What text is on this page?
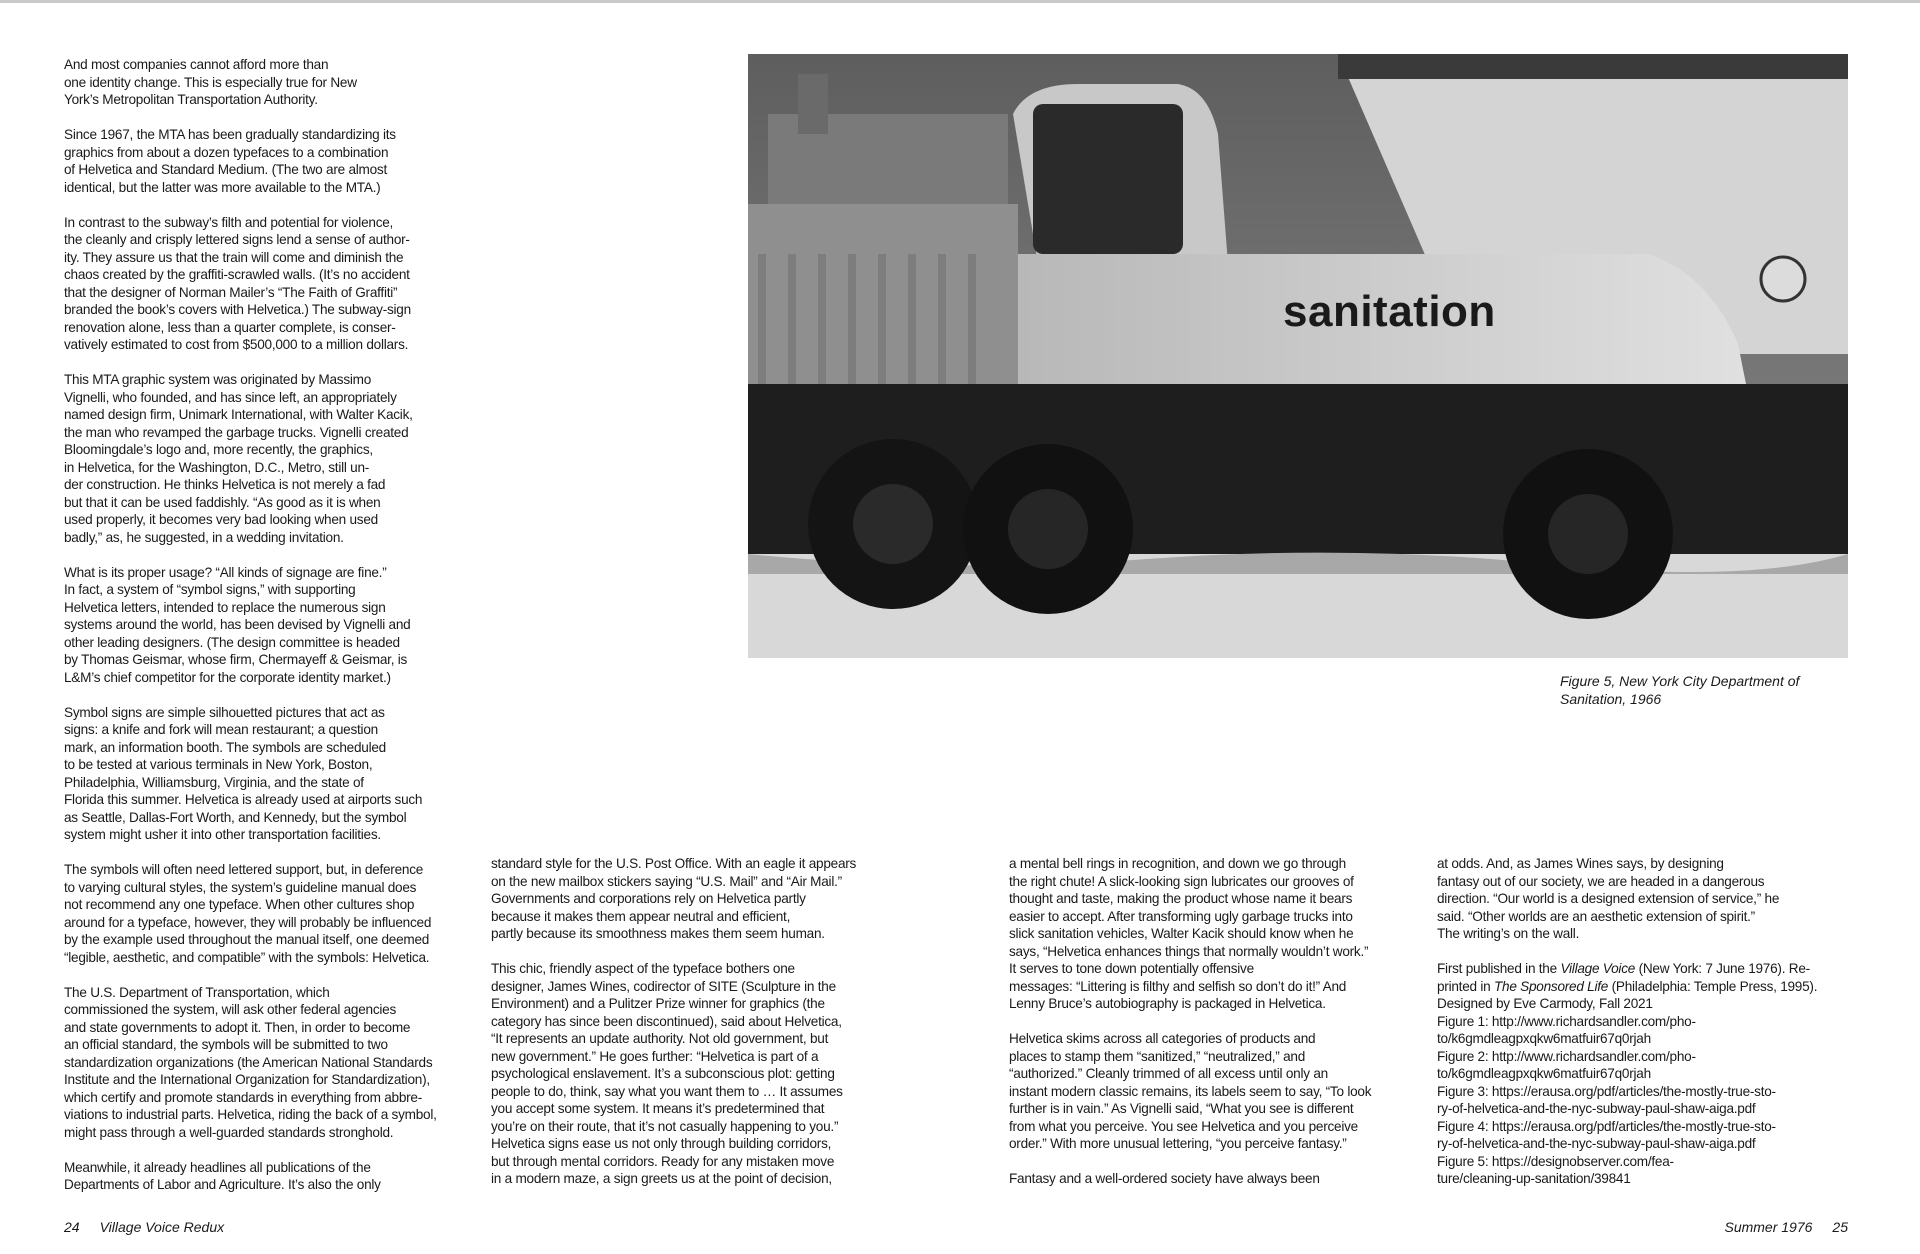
And most companies cannot afford more than
one identity change. This is especially true for New
York’s Metropolitan Transportation Authority.

Since 1967, the MTA has been gradually standardizing its
graphics from about a dozen typefaces to a combination
of Helvetica and Standard Medium. (The two are almost
identical, but the latter was more available to the MTA.)

In contrast to the subway’s filth and potential for violence,
the cleanly and crisply lettered signs lend a sense of author-
ity. They assure us that the train will come and diminish the
chaos created by the graffiti-scrawled walls. (It’s no accident
that the designer of Norman Mailer’s “The Faith of Graffiti”
branded the book’s covers with Helvetica.) The subway-sign
renovation alone, less than a quarter complete, is conser-
vatively estimated to cost from $500,000 to a million dollars.

This MTA graphic system was originated by Massimo
Vignelli, who founded, and has since left, an appropriately
named design firm, Unimark International, with Walter Kacik,
the man who revamped the garbage trucks. Vignelli created
Bloomingdale’s logo and, more recently, the graphics,
in Helvetica, for the Washington, D.C., Metro, still un-
der construction. He thinks Helvetica is not merely a fad
but that it can be used faddishly. “As good as it is when
used properly, it becomes very bad looking when used
badly,” as, he suggested, in a wedding invitation.

What is its proper usage? “All kinds of signage are fine.”
In fact, a system of “symbol signs,” with supporting
Helvetica letters, intended to replace the numerous sign
systems around the world, has been devised by Vignelli and
other leading designers. (The design committee is headed
by Thomas Geismar, whose firm, Chermayeff & Geismar, is
L&M’s chief competitor for the corporate identity market.)

Symbol signs are simple silhouetted pictures that act as
signs: a knife and fork will mean restaurant; a question
mark, an information booth. The symbols are scheduled
to be tested at various terminals in New York, Boston,
Philadelphia, Williamsburg, Virginia, and the state of
Florida this summer. Helvetica is already used at airports such
as Seattle, Dallas-Fort Worth, and Kennedy, but the symbol
system might usher it into other transportation facilities.

The symbols will often need lettered support, but, in deference
to varying cultural styles, the system’s guideline manual does
not recommend any one typeface. When other cultures shop
around for a typeface, however, they will probably be influenced
by the example used throughout the manual itself, one deemed
“legible, aesthetic, and compatible” with the symbols: Helvetica.

The U.S. Department of Transportation, which
commissioned the system, will ask other federal agencies
and state governments to adopt it. Then, in order to become
an official standard, the symbols will be submitted to two
standardization organizations (the American National Standards
Institute and the International Organization for Standardization),
which certify and promote standards in everything from abbre-
viations to industrial parts. Helvetica, riding the back of a symbol,
might pass through a well-guarded standards stronghold.

Meanwhile, it already headlines all publications of the
Departments of Labor and Agriculture. It’s also the only

sanitation
Figure 5, New York City Department of
Sanitation, 1966

standard style for the U.S. Post Office. With an eagle it appears
on the new mailbox stickers saying “U.S. Mail” and “Air Mail.”
Governments and corporations rely on Helvetica partly
because it makes them appear neutral and efficient,
partly because its smoothness makes them seem human.

This chic, friendly aspect of the typeface bothers one
designer, James Wines, codirector of SITE (Sculpture in the
Environment) and a Pulitzer Prize winner for graphics (the
category has since been discontinued), said about Helvetica,
“It represents an update authority. Not old government, but
new government.” He goes further: “Helvetica is part of a
psychological enslavement. It’s a subconscious plot: getting
people to do, think, say what you want them to … It assumes
you accept some system. It means it’s predetermined that
you’re on their route, that it’s not casually happening to you.”
Helvetica signs ease us not only through building corridors,
but through mental corridors. Ready for any mistaken move
in a modern maze, a sign greets us at the point of decision,

a mental bell rings in recognition, and down we go through
the right chute! A slick-looking sign lubricates our grooves of
thought and taste, making the product whose name it bears
easier to accept. After transforming ugly garbage trucks into
slick sanitation vehicles, Walter Kacik should know when he
says, “Helvetica enhances things that normally wouldn’t work.”
It serves to tone down potentially offensive
messages: “Littering is filthy and selfish so don’t do it!” And
Lenny Bruce’s autobiography is packaged in Helvetica.

Helvetica skims across all categories of products and
places to stamp them “sanitized,” “neutralized,” and
“authorized.” Cleanly trimmed of all excess until only an
instant modern classic remains, its labels seem to say, “To look
further is in vain.” As Vignelli said, “What you see is different
from what you perceive. You see Helvetica and you perceive
order.” With more unusual lettering, “you perceive fantasy.”

Fantasy and a well-ordered society have always been

at odds. And, as James Wines says, by designing
fantasy out of our society, we are headed in a dangerous
direction. “Our world is a designed extension of service,” he
said. “Other worlds are an aesthetic extension of spirit.”
The writing’s on the wall.

First published in the Village Voice (New York: 7 June 1976). Re-
printed in The Sponsored Life (Philadelphia: Temple Press, 1995).
Designed by Eve Carmody, Fall 2021
Figure 1: http://www.richardsandler.com/pho-
to/k6gmdleagpxqkw6matfuir67q0rjah
Figure 2: http://www.richardsandler.com/pho-
to/k6gmdleagpxqkw6matfuir67q0rjah
Figure 3: https://erausa.org/pdf/articles/the-mostly-true-sto-
ry-of-helvetica-and-the-nyc-subway-paul-shaw-aiga.pdf
Figure 4: https://erausa.org/pdf/articles/the-mostly-true-sto-
ry-of-helvetica-and-the-nyc-subway-paul-shaw-aiga.pdf
Figure 5: https://designobserver.com/fea-
ture/cleaning-up-sanitation/39841

24 Village Voice Redux	Summer 1976 25
